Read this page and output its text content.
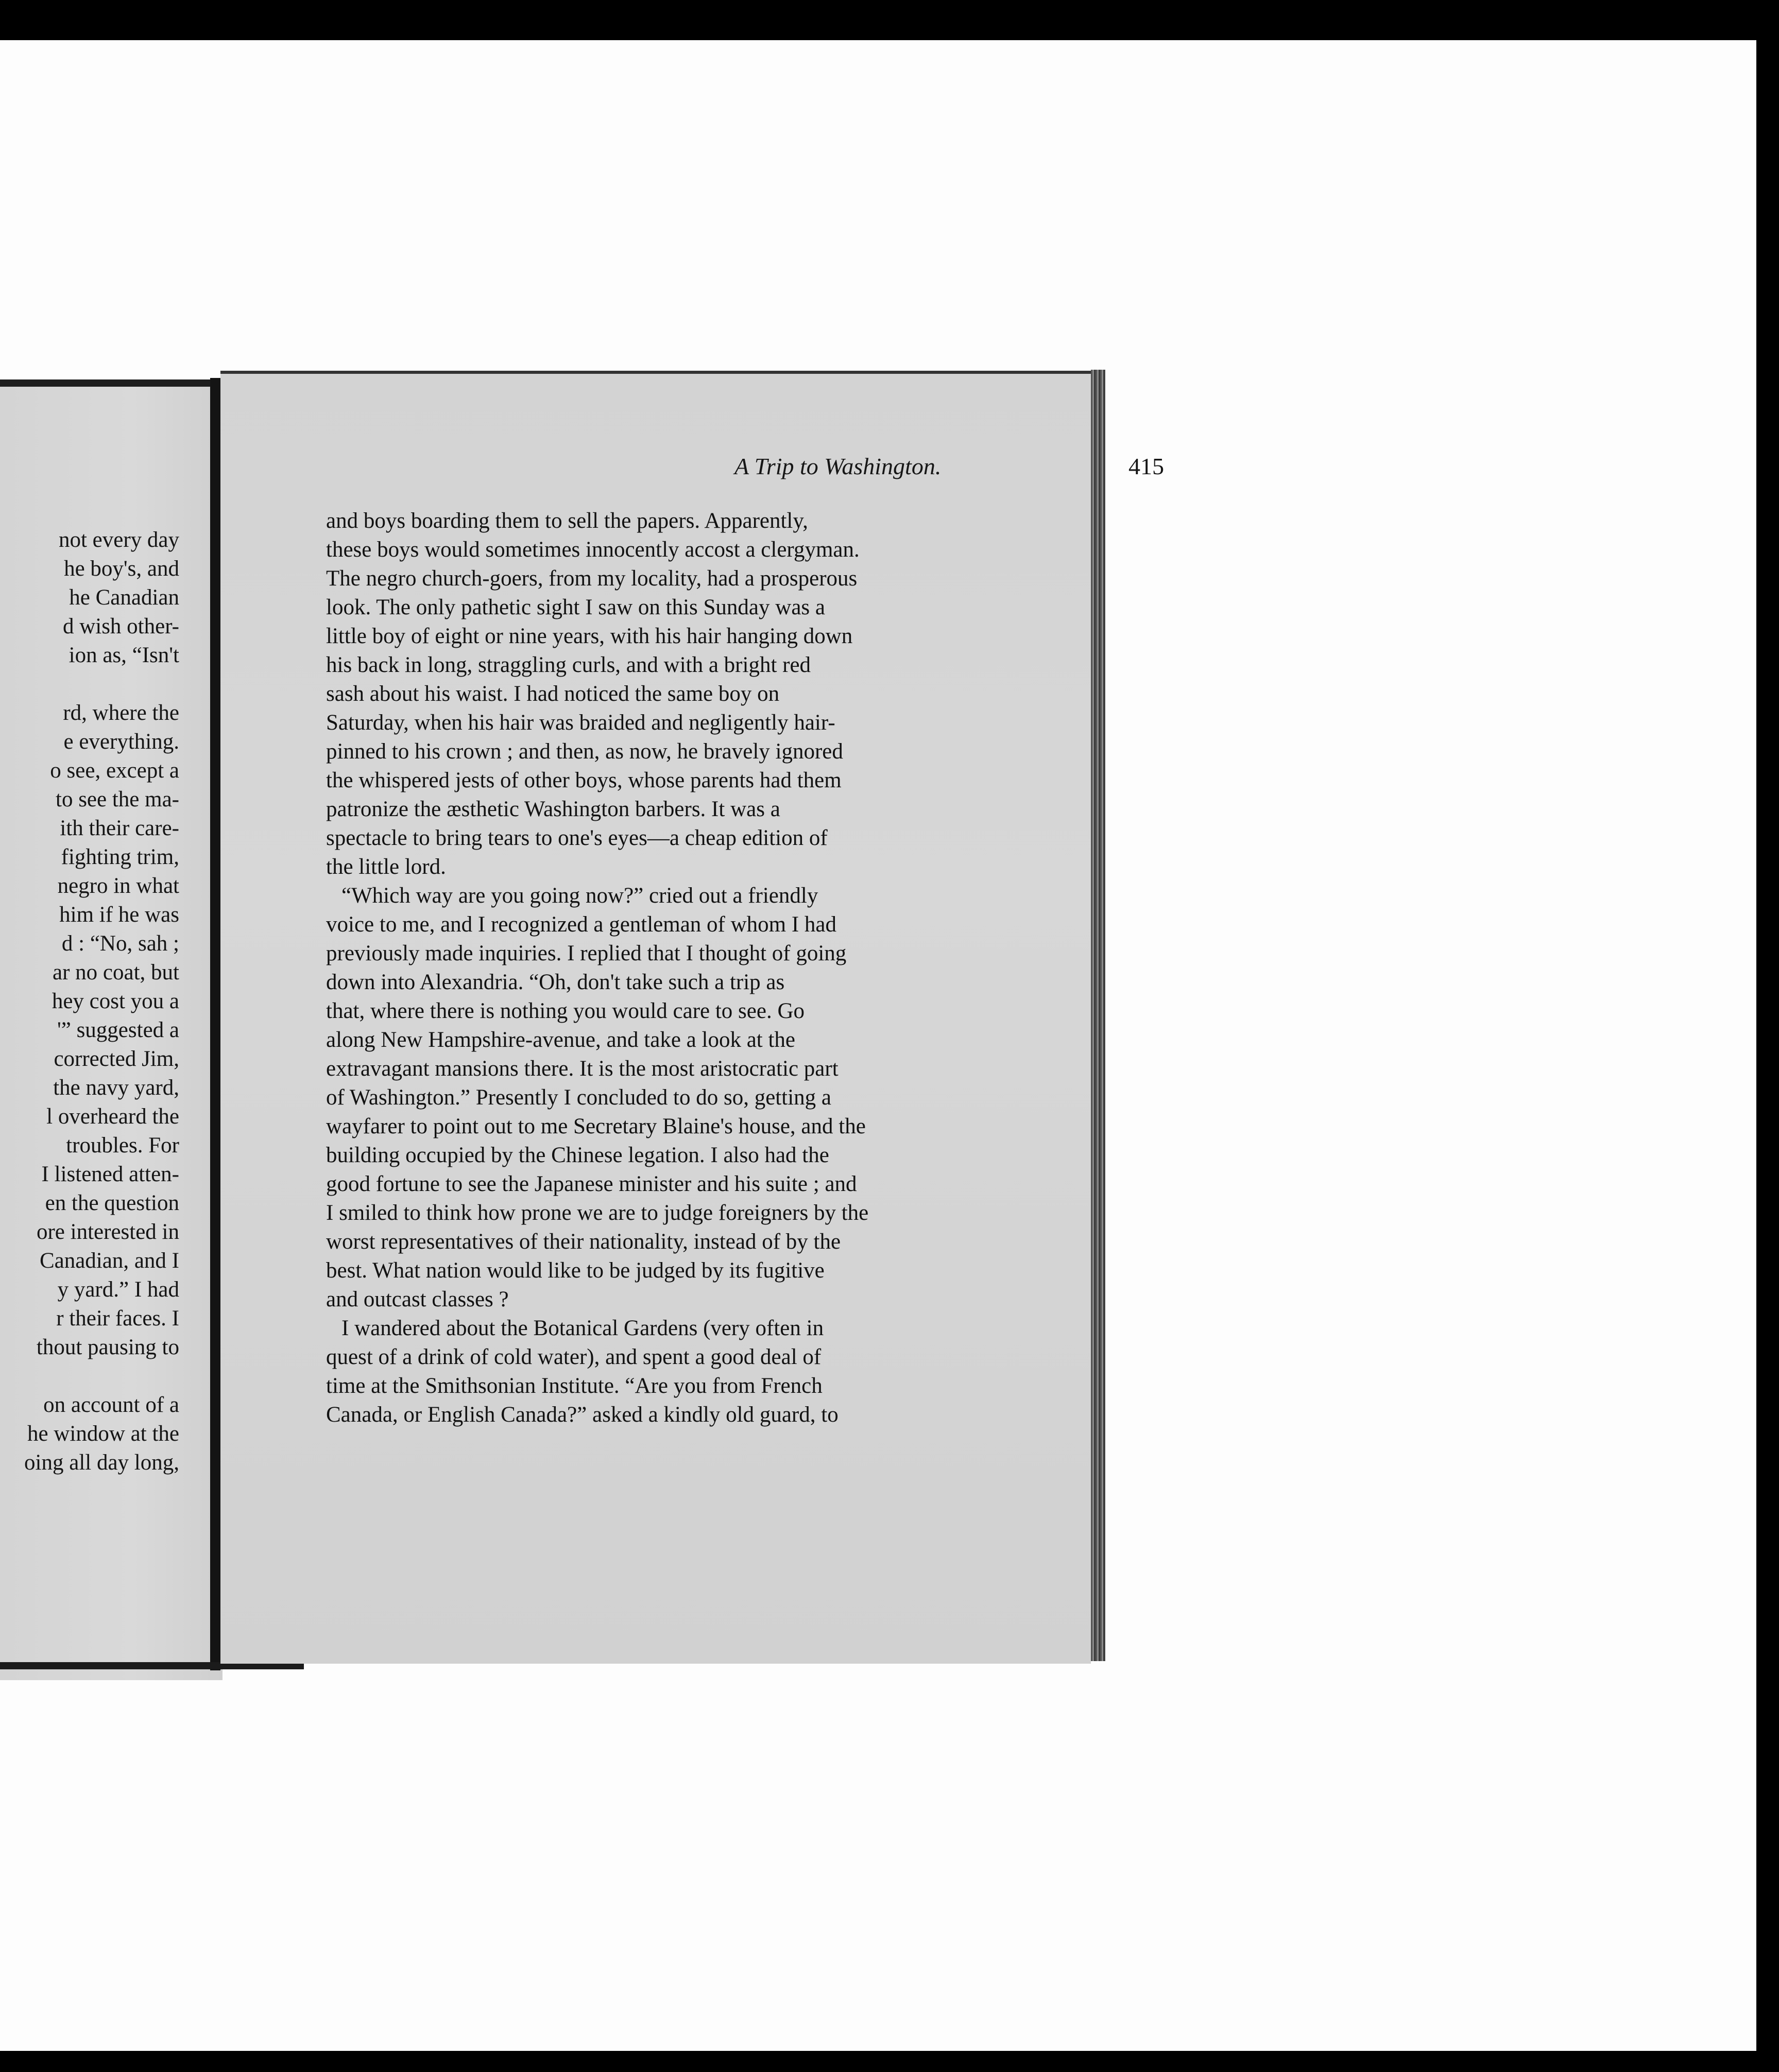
not every day
he boy's, and
he Canadian
d wish other-
ion as, “Isn't
rd, where the
e everything.
o see, except a
to see the ma-
ith their care-
fighting trim,
negro in what
him if he was
d : “No, sah ;
ar no coat, but
hey cost you a
'” suggested a
corrected Jim,
the navy yard,
l overheard the
troubles. For
I listened atten-
en the question
ore interested in
Canadian, and I
y yard.” I had
r their faces. I
thout pausing to
on account of a
he window at the
oing all day long,
A Trip to Washington.	415
and boys boarding them to sell the papers. Apparently,
these boys would sometimes innocently accost a clergyman.
The negro church-goers, from my locality, had a prosperous
look. The only pathetic sight I saw on this Sunday was a
little boy of eight or nine years, with his hair hanging down
his back in long, straggling curls, and with a bright red
sash about his waist. I had noticed the same boy on
Saturday, when his hair was braided and negligently hair-
pinned to his crown ; and then, as now, he bravely ignored
the whispered jests of other boys, whose parents had them
patronize the æsthetic Washington barbers. It was a
spectacle to bring tears to one's eyes—a cheap edition of
the little lord.
“Which way are you going now?” cried out a friendly
voice to me, and I recognized a gentleman of whom I had
previously made inquiries. I replied that I thought of going
down into Alexandria. “Oh, don't take such a trip as
that, where there is nothing you would care to see. Go
along New Hampshire-avenue, and take a look at the
extravagant mansions there. It is the most aristocratic part
of Washington.” Presently I concluded to do so, getting a
wayfarer to point out to me Secretary Blaine's house, and the
building occupied by the Chinese legation. I also had the
good fortune to see the Japanese minister and his suite ; and
I smiled to think how prone we are to judge foreigners by the
worst representatives of their nationality, instead of by the
best. What nation would like to be judged by its fugitive
and outcast classes ?
I wandered about the Botanical Gardens (very often in
quest of a drink of cold water), and spent a good deal of
time at the Smithsonian Institute. “Are you from French
Canada, or English Canada?” asked a kindly old guard, to
